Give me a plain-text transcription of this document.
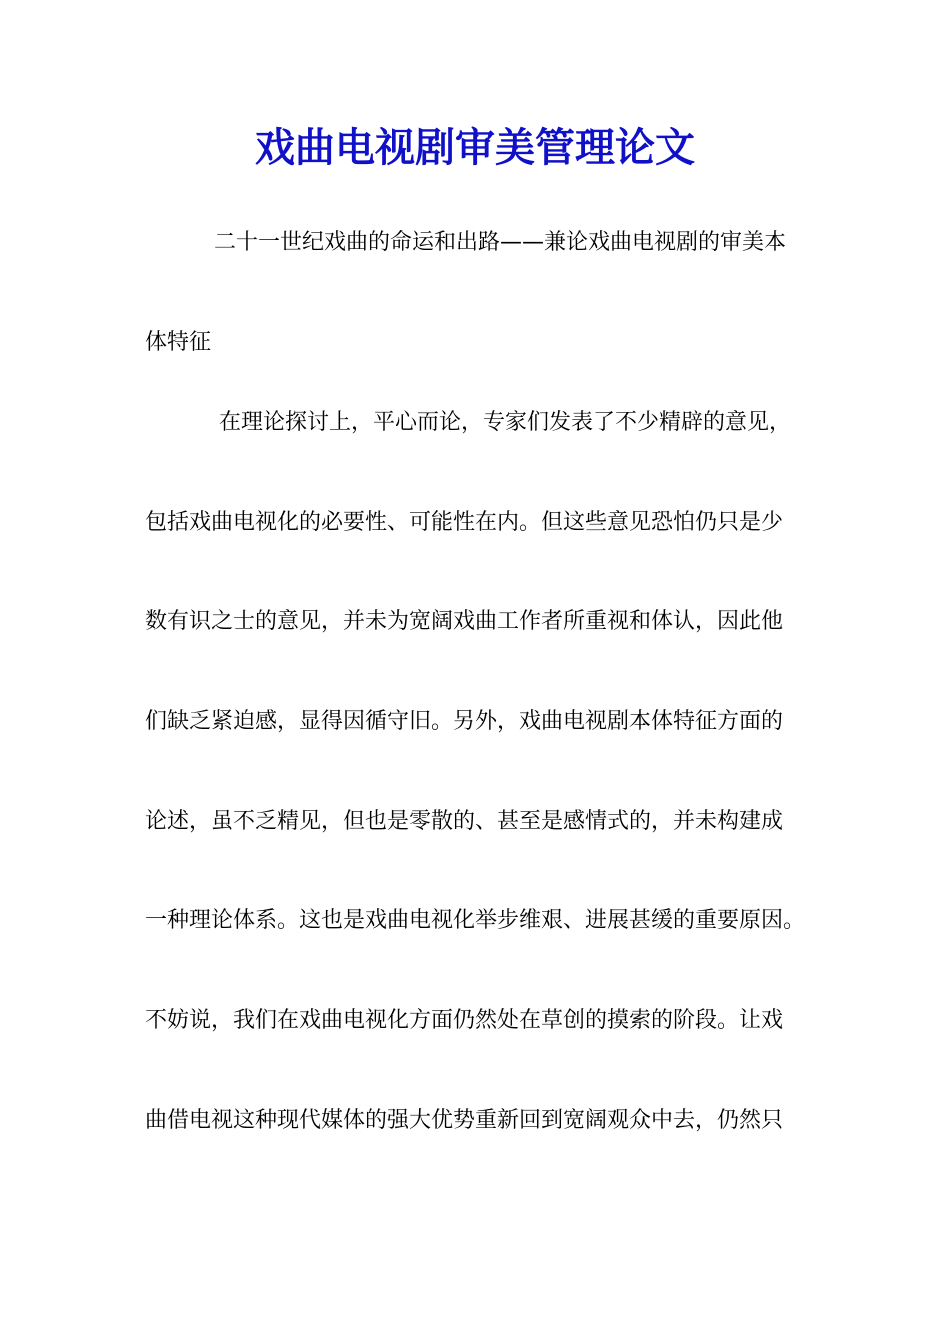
戏曲电视剧审美管理论文

二十一世纪戏曲的命运和出路——兼论戏曲电视剧的审美本

体特征

在理论探讨上，平心而论，专家们发表了不少精辟的意见，

包括戏曲电视化的必要性、可能性在内。但这些意见恐怕仍只是少

数有识之士的意见，并未为宽阔戏曲工作者所重视和体认，因此他

们缺乏紧迫感，显得因循守旧。另外，戏曲电视剧本体特征方面的

论述，虽不乏精见，但也是零散的、甚至是感情式的，并未构建成

一种理论体系。这也是戏曲电视化举步维艰、进展甚缓的重要原因。

不妨说，我们在戏曲电视化方面仍然处在草创的摸索的阶段。让戏

曲借电视这种现代媒体的强大优势重新回到宽阔观众中去，仍然只
